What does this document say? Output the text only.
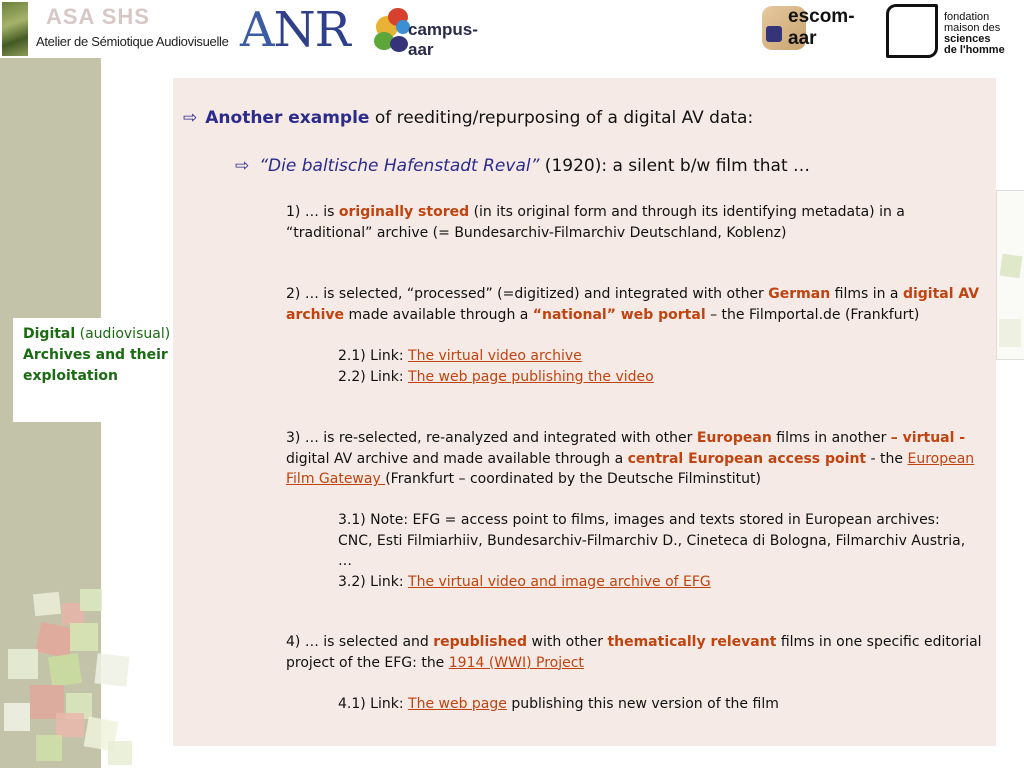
ASA SHS
Atelier de Sémiotique Audiovisuelle ANR	campus-aar
escom-aar
fondation
maison des
sciences
de l'homme
Digital (audiovisual)
Archives and their exploitation
⇨ Another example of reediting/repurposing of a digital AV data:
⇨ “Die baltische Hafenstadt Reval” (1920): a silent b/w film that …
1) … is originally stored (in its original form and through its identifying metadata) in a “traditional” archive (= Bundesarchiv-Filmarchiv Deutschland, Koblenz)
2) … is selected, “processed” (=digitized) and integrated with other German films in a digital AV archive made available through a “national” web portal – the Filmportal.de (Frankfurt)
2.1) Link: The virtual video archive
2.2) Link: The web page publishing the video
3) … is re-selected, re-analyzed and integrated with other European films in another – virtual - digital AV archive and made available through a central European access point - the European Film Gateway (Frankfurt – coordinated by the Deutsche Filminstitut)
3.1) Note: EFG = access point to films, images and texts stored in European archives: CNC, Esti Filmiarhiiv, Bundesarchiv-Filmarchiv D., Cineteca di Bologna, Filmarchiv Austria, …
3.2) Link: The virtual video and image archive of EFG
4) … is selected and republished with other thematically relevant films in one specific editorial project of the EFG: the 1914 (WWI) Project
4.1) Link: The web page publishing this new version of the film
